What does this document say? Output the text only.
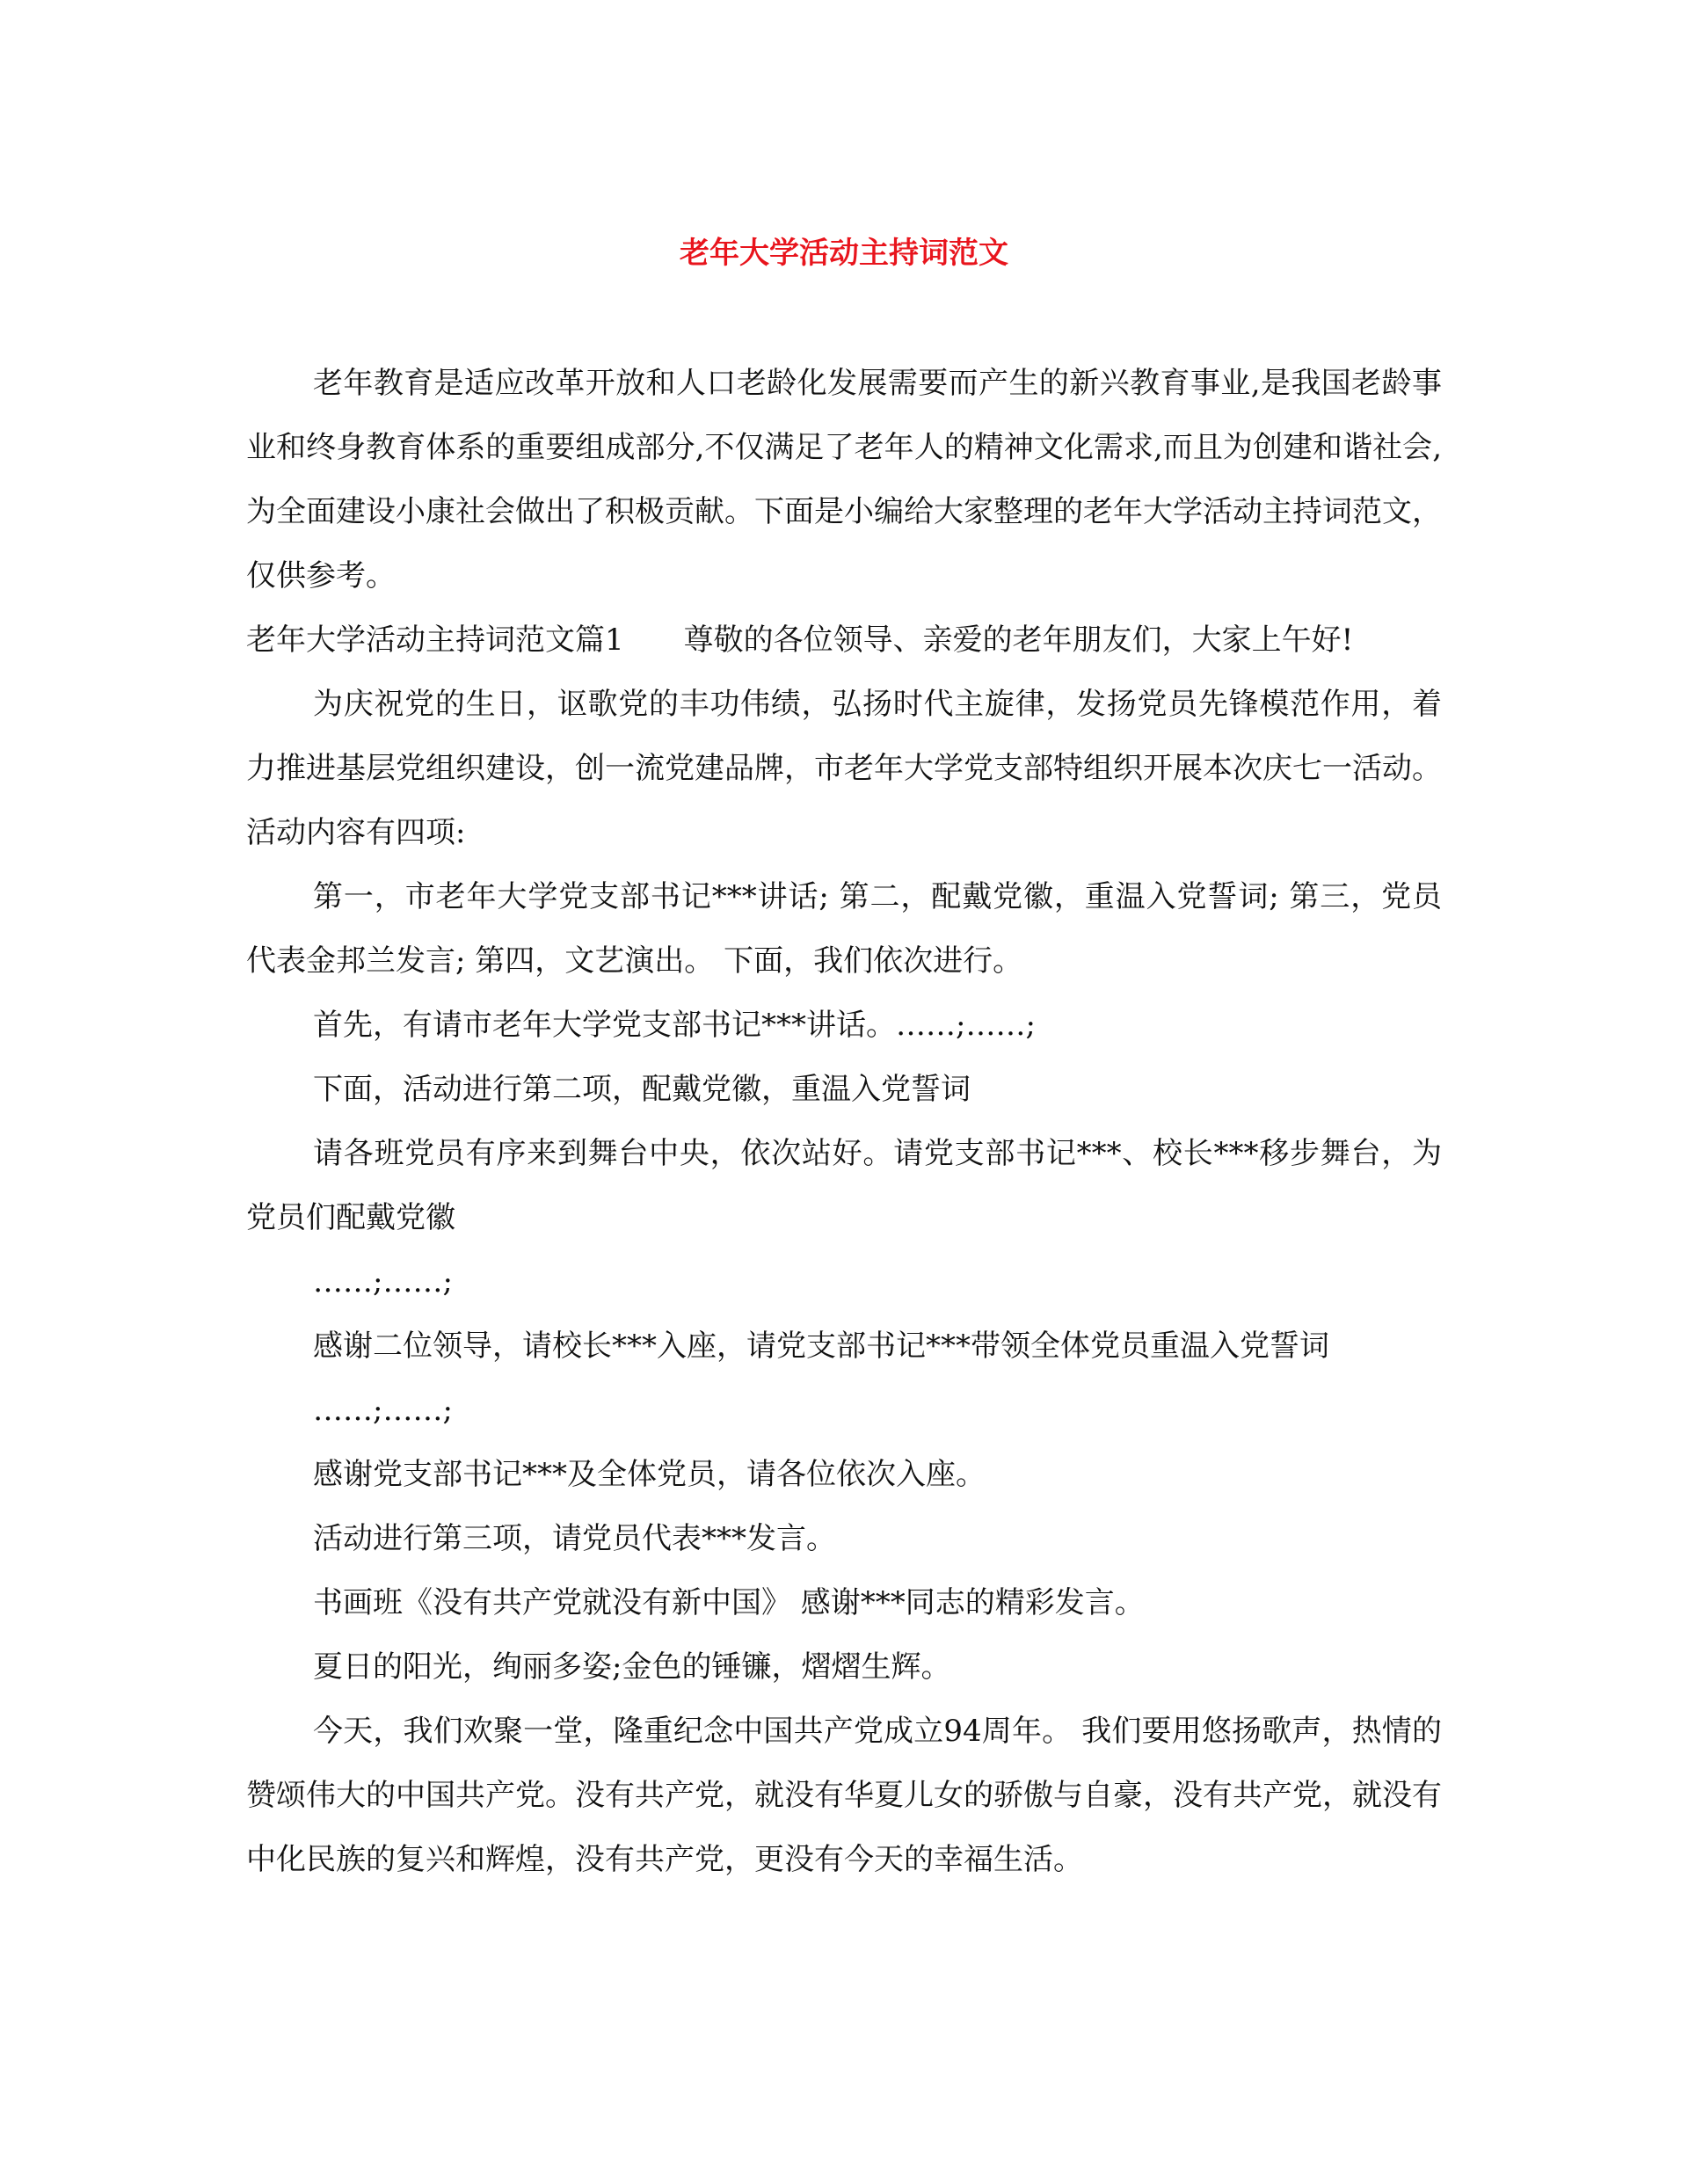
老年大学活动主持词范文

老年教育是适应改革开放和人口老龄化发展需要而产生的新兴教育事业,是我国老龄事业和终身教育体系的重要组成部分,不仅满足了老年人的精神文化需求,而且为创建和谐社会,为全面建设小康社会做出了积极贡献。下面是小编给大家整理的老年大学活动主持词范文，仅供参考。

老年大学活动主持词范文篇1　　尊敬的各位领导、亲爱的老年朋友们，大家上午好!

为庆祝党的生日，讴歌党的丰功伟绩，弘扬时代主旋律，发扬党员先锋模范作用，着力推进基层党组织建设，创一流党建品牌，市老年大学党支部特组织开展本次庆七一活动。活动内容有四项:

第一，市老年大学党支部书记***讲话; 第二，配戴党徽，重温入党誓词; 第三，党员代表金邦兰发言; 第四，文艺演出。 下面，我们依次进行。

首先，有请市老年大学党支部书记***讲话。……;……;

下面，活动进行第二项，配戴党徽，重温入党誓词

请各班党员有序来到舞台中央，依次站好。请党支部书记***、校长***移步舞台，为党员们配戴党徽

……;……;

感谢二位领导，请校长***入座，请党支部书记***带领全体党员重温入党誓词

……;……;

感谢党支部书记***及全体党员，请各位依次入座。

活动进行第三项，请党员代表***发言。

书画班《没有共产党就没有新中国》 感谢***同志的精彩发言。

夏日的阳光，绚丽多姿;金色的锤镰，熠熠生辉。

今天，我们欢聚一堂，隆重纪念中国共产党成立94周年。 我们要用悠扬歌声，热情的赞颂伟大的中国共产党。没有共产党，就没有华夏儿女的骄傲与自豪，没有共产党，就没有中化民族的复兴和辉煌，没有共产党，更没有今天的幸福生活。
